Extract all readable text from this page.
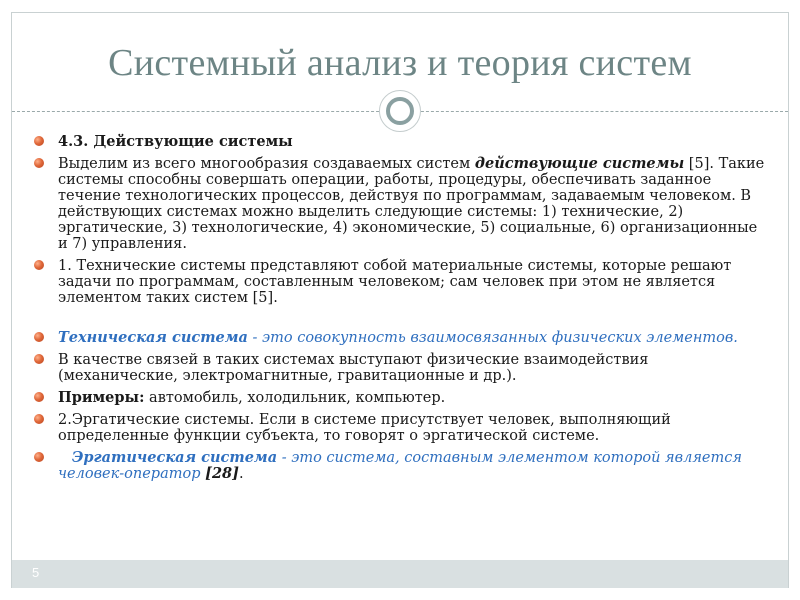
Системный анализ и теория систем
4.3. Действующие системы
Выделим из всего многообразия создаваемых систем действующие системы [5]. Такие системы способны совершать операции, работы, процедуры, обеспечивать заданное течение технологических процессов, действуя по программам, задаваемым человеком. В действующих системах можно выделить следующие системы: 1) технические, 2) эргатические, 3) технологические, 4) экономические, 5) социальные, 6) организационные и 7) управления.
1. Технические системы представляют собой материальные системы, которые решают задачи по программам, составленным человеком; сам человек при этом не является элементом таких систем [5].
Техническая система - это совокупность взаимосвязанных физических элементов.
В качестве связей в таких системах выступают физические взаимодействия (механические, электромагнитные, гравитационные и др.).
Примеры: автомобиль, холодильник, компьютер.
2.Эргатические системы. Если в системе присутствует человек, выполняющий определенные функции субъекта, то говорят о эргатической системе.
Эргатическая система - это система, составным элементом которой является человек-оператор [28].
5
